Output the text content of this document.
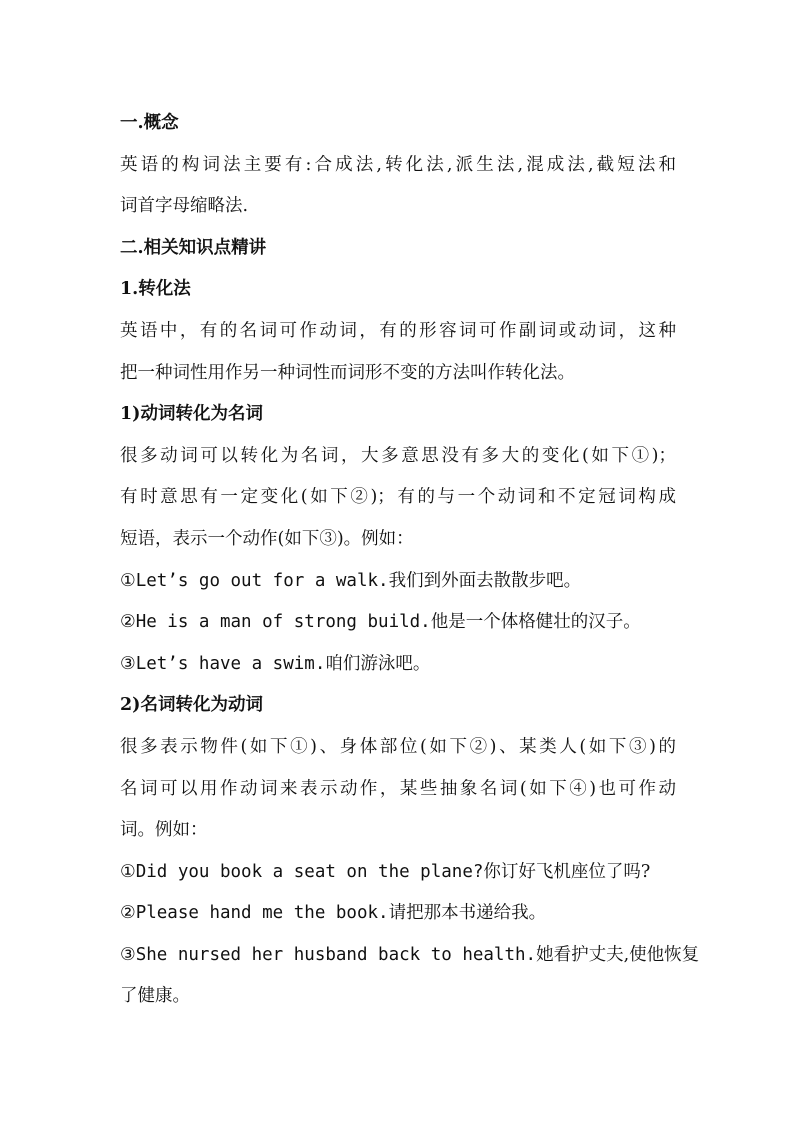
一.概念
英语的构词法主要有:合成法,转化法,派生法,混成法,截短法和
词首字母缩略法.
二.相关知识点精讲
1.转化法
英语中，有的名词可作动词，有的形容词可作副词或动词，这种
把一种词性用作另一种词性而词形不变的方法叫作转化法。
1)动词转化为名词
很多动词可以转化为名词，大多意思没有多大的变化(如下①)；
有时意思有一定变化(如下②)；有的与一个动词和不定冠词构成
短语，表示一个动作(如下③)。例如：
①Let’s go out for a walk.我们到外面去散散步吧。
②He is a man of strong build.他是一个体格健壮的汉子。
③Let’s have a swim.咱们游泳吧。
2)名词转化为动词
很多表示物件(如下①)、身体部位(如下②)、某类人(如下③)的
名词可以用作动词来表示动作，某些抽象名词(如下④)也可作动
词。例如：
①Did you book a seat on the plane?你订好飞机座位了吗?
②Please hand me the book.请把那本书递给我。
③She nursed her husband back to health.她看护丈夫,使他恢复
了健康。
